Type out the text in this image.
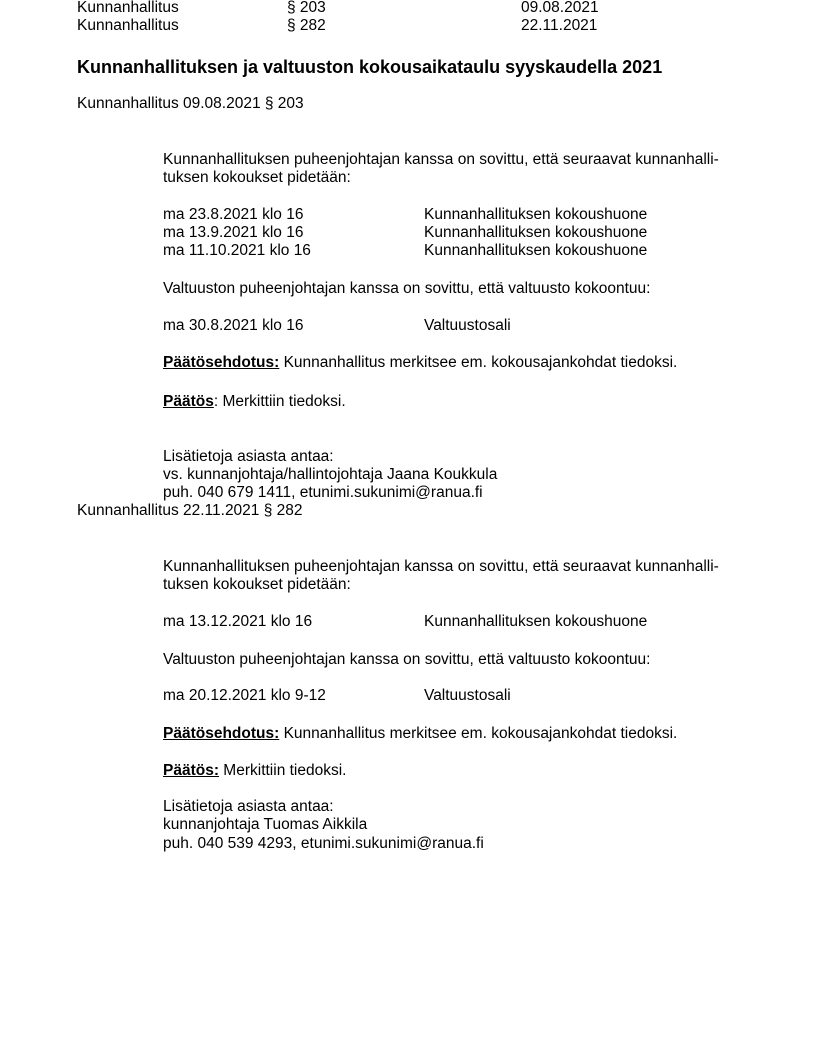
Kunnanhallitus	§ 203	09.08.2021
Kunnanhallitus	§ 282	22.11.2021
Kunnanhallituksen ja valtuuston kokousaikataulu syyskaudella 2021
Kunnanhallitus 09.08.2021 § 203
Kunnanhallituksen puheenjohtajan kanssa on sovittu, että seuraavat kunnanhalli-
tuksen kokoukset pidetään:
ma 23.8.2021 klo 16	Kunnanhallituksen kokoushuone
ma 13.9.2021 klo 16	Kunnanhallituksen kokoushuone
ma 11.10.2021 klo 16	Kunnanhallituksen kokoushuone
Valtuuston puheenjohtajan kanssa on sovittu, että valtuusto kokoontuu:
ma 30.8.2021 klo 16	Valtuustosali
Päätösehdotus: Kunnanhallitus merkitsee em. kokousajankohdat tiedoksi.
Päätös: Merkittiin tiedoksi.
Lisätietoja asiasta antaa:
vs. kunnanjohtaja/hallintojohtaja Jaana Koukkula
puh. 040 679 1411, etunimi.sukunimi@ranua.fi
Kunnanhallitus 22.11.2021 § 282
Kunnanhallituksen puheenjohtajan kanssa on sovittu, että seuraavat kunnanhalli-
tuksen kokoukset pidetään:
ma 13.12.2021 klo 16	Kunnanhallituksen kokoushuone
Valtuuston puheenjohtajan kanssa on sovittu, että valtuusto kokoontuu:
ma 20.12.2021 klo 9-12	Valtuustosali
Päätösehdotus: Kunnanhallitus merkitsee em. kokousajankohdat tiedoksi.
Päätös: Merkittiin tiedoksi.
Lisätietoja asiasta antaa:
kunnanjohtaja Tuomas Aikkila
puh. 040 539 4293, etunimi.sukunimi@ranua.fi
